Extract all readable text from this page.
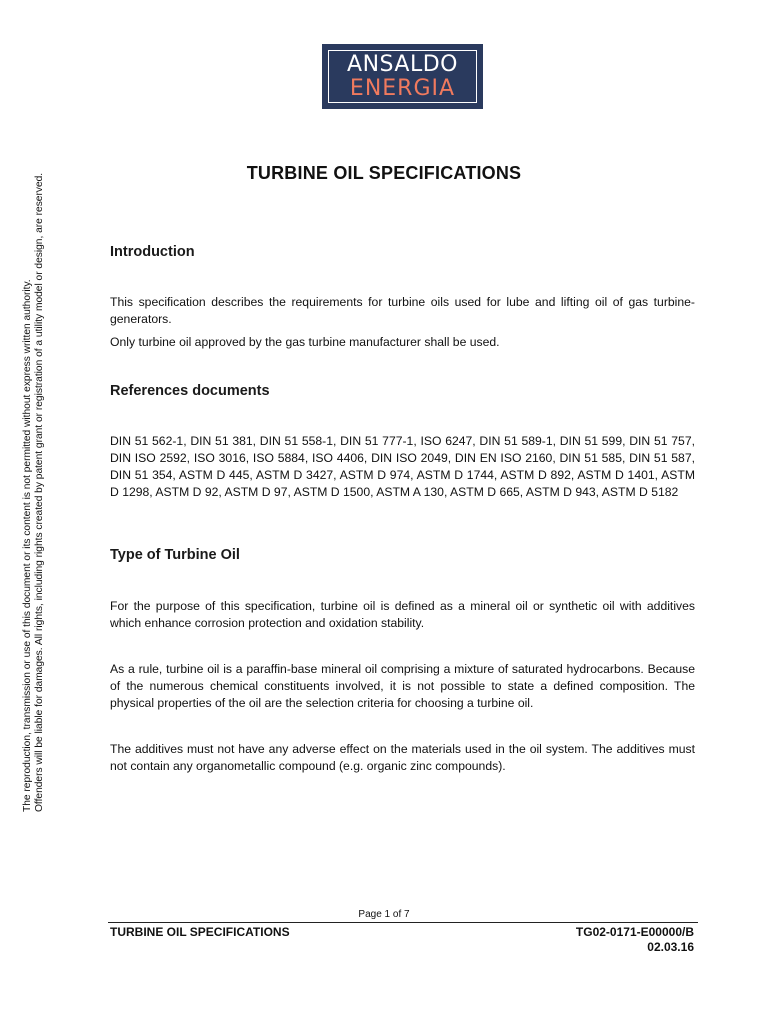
ANSALDO
ENERGIA
The reproduction, transmission or use of this document or its content is not permitted without express written authority. Offenders will be liable for damages. All rights, including rights created by patent grant or registration of a utility model or design, are reserved.	TURBINE OIL SPECIFICATIONS
Introduction
This specification describes the requirements for turbine oils used for lube and lifting oil of gas turbine-generators.
Only turbine oil approved by the gas turbine manufacturer shall be used.
References documents
DIN 51 562-1, DIN 51 381, DIN 51 558-1, DIN 51 777-1, ISO 6247, DIN 51 589-1, DIN 51 599, DIN 51 757, DIN ISO 2592, ISO 3016, ISO 5884, ISO 4406, DIN ISO 2049, DIN EN ISO 2160, DIN 51 585, DIN 51 587, DIN 51 354, ASTM D 445, ASTM D 3427, ASTM D 974, ASTM D 1744, ASTM D 892, ASTM D 1401, ASTM D 1298, ASTM D 92, ASTM D 97, ASTM D 1500, ASTM A 130, ASTM D 665, ASTM D 943, ASTM D 5182
Type of Turbine Oil
For the purpose of this specification, turbine oil is defined as a mineral oil or synthetic oil with additives which enhance corrosion protection and oxidation stability.
As a rule, turbine oil is a paraffin-base mineral oil comprising a mixture of saturated hydrocarbons. Because of the numerous chemical constituents involved, it is not possible to state a defined composition. The physical properties of the oil are the selection criteria for choosing a turbine oil.
The additives must not have any adverse effect on the materials used in the oil system. The additives must not contain any organometallic compound (e.g. organic zinc compounds).
Page 1 of 7
TURBINE OIL SPECIFICATIONS	TG02-0171-E00000/B
02.03.16
